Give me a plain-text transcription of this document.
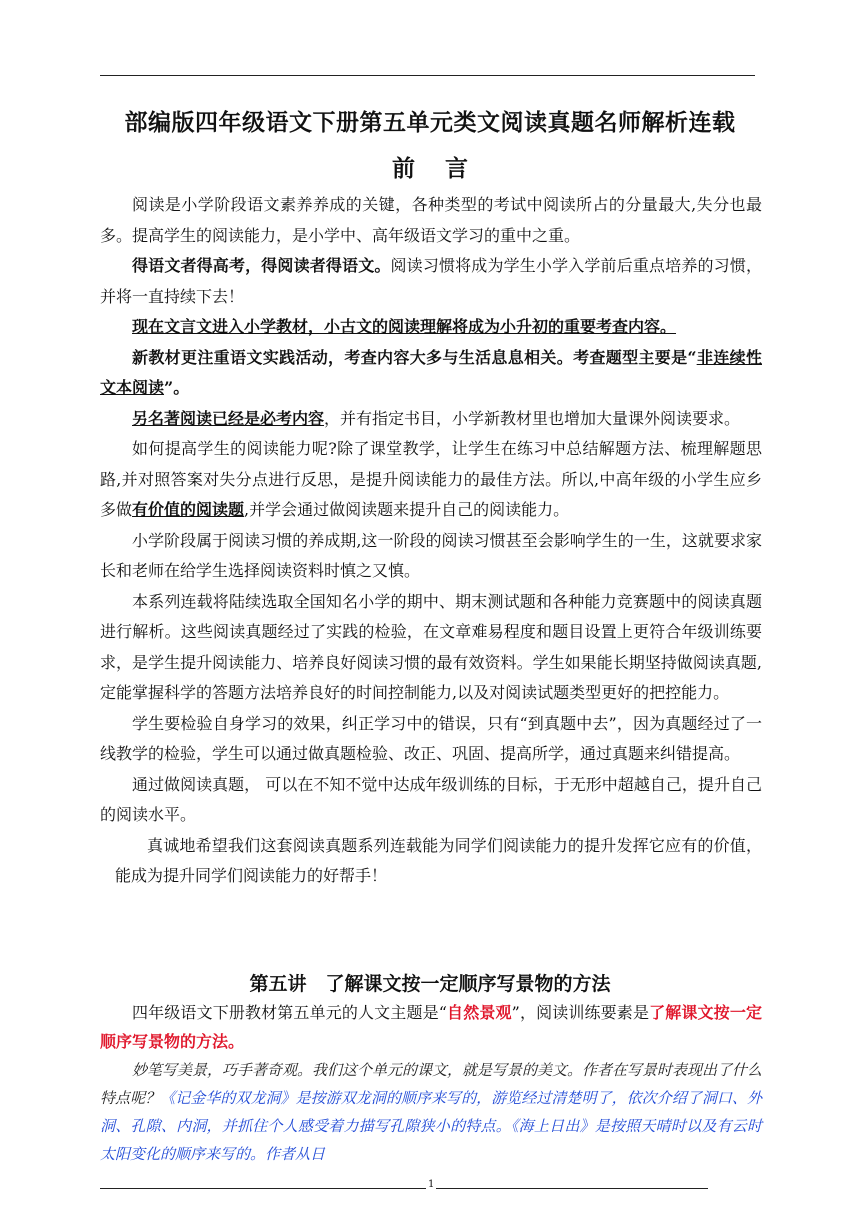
部编版四年级语文下册第五单元类文阅读真题名师解析连载
前 言

阅读是小学阶段语文素养养成的关键，各种类型的考试中阅读所占的分量最大,失分也最多。提高学生的阅读能力，是小学中、高年级语文学习的重中之重。

得语文者得高考，得阅读者得语文。阅读习惯将成为学生小学入学前后重点培养的习惯，并将一直持续下去！

现在文言文进入小学教材，小古文的阅读理解将成为小升初的重要考查内容。

新教材更注重语文实践活动，考查内容大多与生活息息相关。考查题型主要是“非连续性文本阅读”。

另名著阅读已经是必考内容，并有指定书目，小学新教材里也增加大量课外阅读要求。

如何提高学生的阅读能力呢?除了课堂教学，让学生在练习中总结解题方法、梳理解题思路,并对照答案对失分点进行反思，是提升阅读能力的最佳方法。所以,中高年级的小学生应乡多做有价值的阅读题,并学会通过做阅读题来提升自己的阅读能力。

小学阶段属于阅读习惯的养成期,这一阶段的阅读习惯甚至会影响学生的一生，这就要求家长和老师在给学生选择阅读资料时慎之又慎。

本系列连载将陆续选取全国知名小学的期中、期末测试题和各种能力竞赛题中的阅读真题进行解析。这些阅读真题经过了实践的检验，在文章难易程度和题目设置上更符合年级训练要求，是学生提升阅读能力、培养良好阅读习惯的最有效资料。学生如果能长期坚持做阅读真题,定能掌握科学的答题方法培养良好的时间控制能力,以及对阅读试题类型更好的把控能力。

学生要检验自身学习的效果，纠正学习中的错误，只有“到真题中去”，因为真题经过了一线教学的检验，学生可以通过做真题检验、改正、巩固、提高所学，通过真题来纠错提高。

通过做阅读真题， 可以在不知不觉中达成年级训练的目标，于无形中超越自己，提升自己的阅读水平。

真诚地希望我们这套阅读真题系列连载能为同学们阅读能力的提升发挥它应有的价值，能成为提升同学们阅读能力的好帮手！

第五讲　了解课文按一定顺序写景物的方法

四年级语文下册教材第五单元的人文主题是“自然景观”，阅读训练要素是了解课文按一定顺序写景物的方法。

妙笔写美景，巧手著奇观。我们这个单元的课文，就是写景的美文。作者在写景时表现出了什么特点呢？《记金华的双龙洞》是按游双龙洞的顺序来写的，游览经过清楚明了，依次介绍了洞口、外洞、孔隙、内洞，并抓住个人感受着力描写孔隙狭小的特点。《海上日出》是按照天晴时以及有云时太阳变化的顺序来写的。作者从日

1
